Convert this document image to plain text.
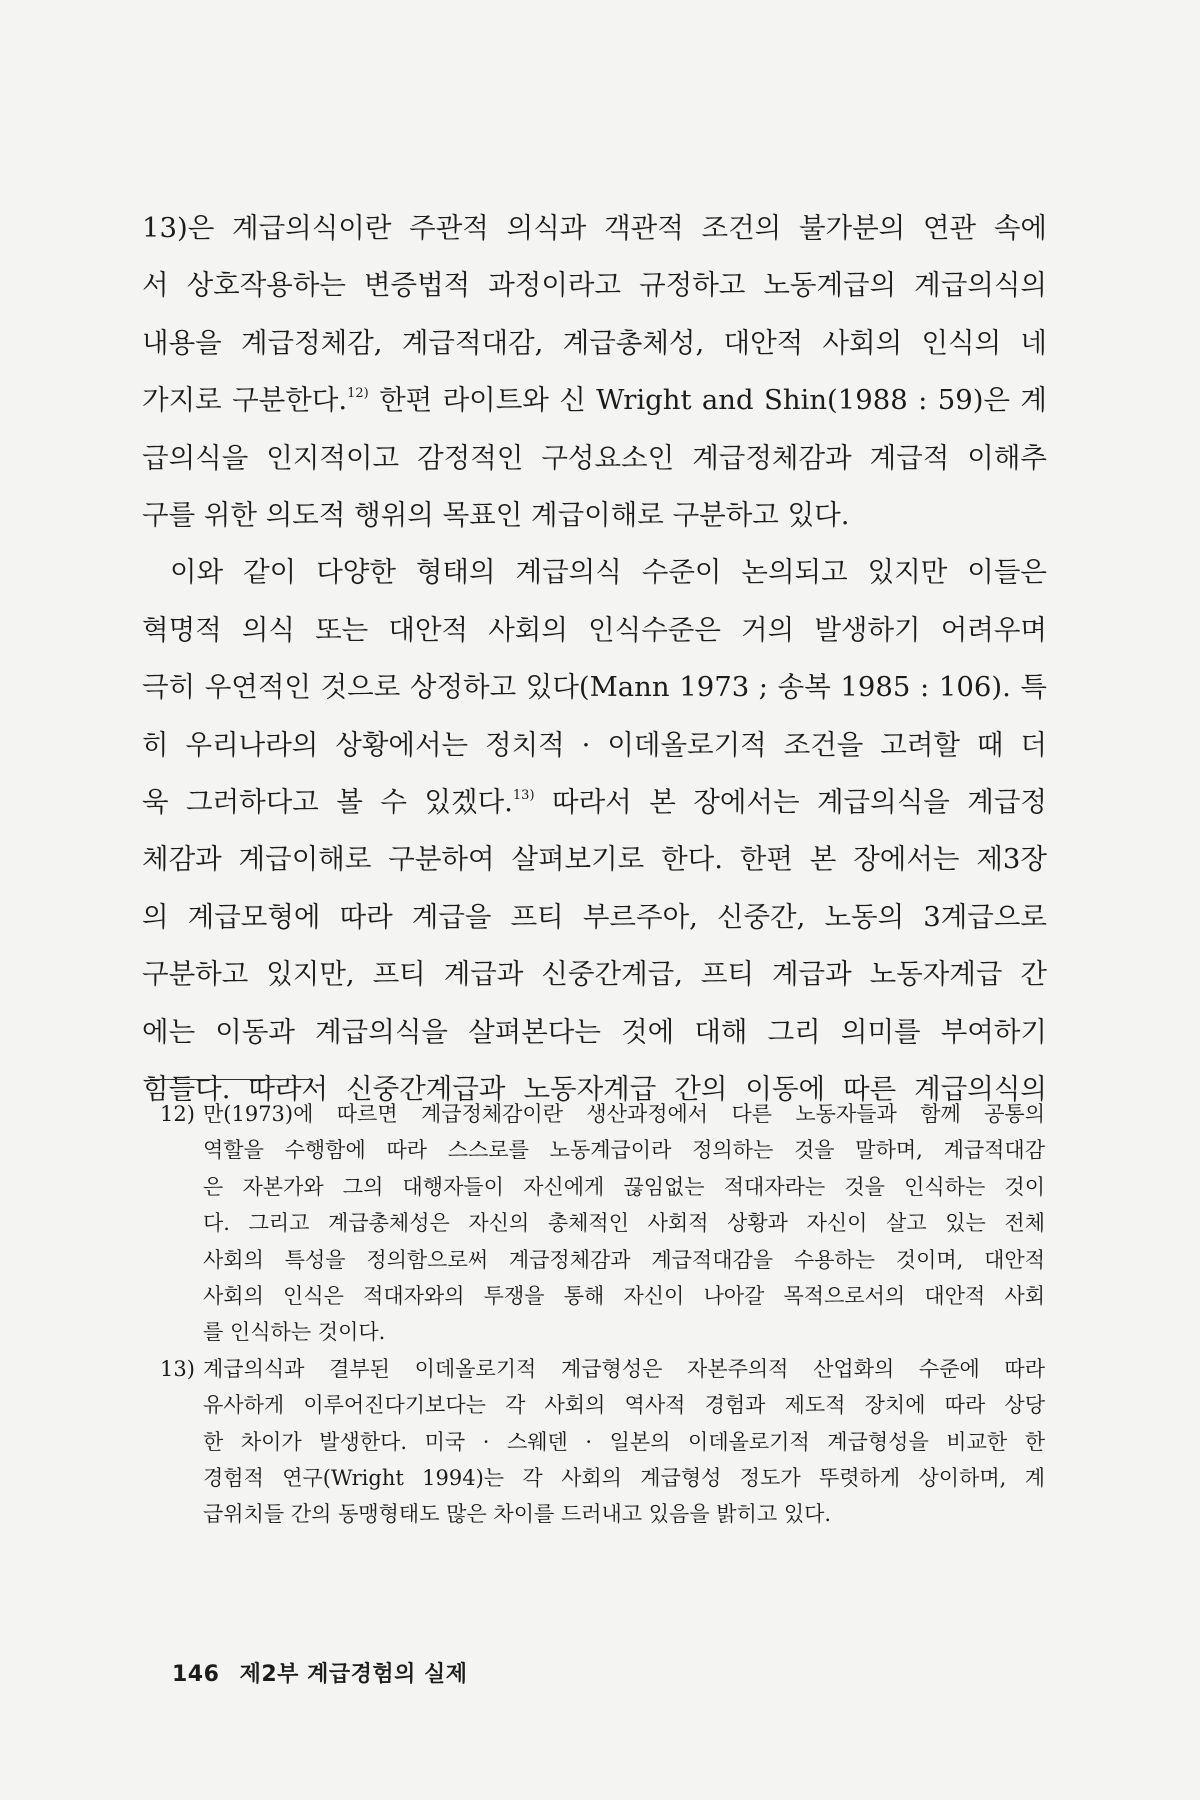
13)은 계급의식이란 주관적 의식과 객관적 조건의 불가분의 연관 속에
서 상호작용하는 변증법적 과정이라고 규정하고 노동계급의 계급의식의
내용을 계급정체감, 계급적대감, 계급총체성, 대안적 사회의 인식의 네
가지로 구분한다.$^{12)}$ 한편 라이트와 신 Wright and Shin(1988 : 59)은 계
급의식을 인지적이고 감정적인 구성요소인 계급정체감과 계급적 이해추
구를 위한 의도적 행위의 목표인 계급이해로 구분하고 있다.

이와 같이 다양한 형태의 계급의식 수준이 논의되고 있지만 이들은
혁명적 의식 또는 대안적 사회의 인식수준은 거의 발생하기 어려우며
극히 우연적인 것으로 상정하고 있다(Mann 1973 ; 송복 1985 : 106). 특
히 우리나라의 상황에서는 정치적 · 이데올로기적 조건을 고려할 때 더
욱 그러하다고 볼 수 있겠다.$^{13)}$ 따라서 본 장에서는 계급의식을 계급정
체감과 계급이해로 구분하여 살펴보기로 한다. 한편 본 장에서는 제3장
의 계급모형에 따라 계급을 프티 부르주아, 신중간, 노동의 3계급으로
구분하고 있지만, 프티 계급과 신중간계급, 프티 계급과 노동자계급 간
에는 이동과 계급의식을 살펴본다는 것에 대해 그리 의미를 부여하기
힘들다. 따라서 신중간계급과 노동자계급 간의 이동에 따른 계급의식의

12) 만(1973)에 따르면 계급정체감이란 생산과정에서 다른 노동자들과 함께 공통의
역할을 수행함에 따라 스스로를 노동계급이라 정의하는 것을 말하며, 계급적대감
은 자본가와 그의 대행자들이 자신에게 끊임없는 적대자라는 것을 인식하는 것이
다. 그리고 계급총체성은 자신의 총체적인 사회적 상황과 자신이 살고 있는 전체
사회의 특성을 정의함으로써 계급정체감과 계급적대감을 수용하는 것이며, 대안적
사회의 인식은 적대자와의 투쟁을 통해 자신이 나아갈 목적으로서의 대안적 사회
를 인식하는 것이다.
13) 계급의식과 결부된 이데올로기적 계급형성은 자본주의적 산업화의 수준에 따라
유사하게 이루어진다기보다는 각 사회의 역사적 경험과 제도적 장치에 따라 상당
한 차이가 발생한다. 미국 · 스웨덴 · 일본의 이데올로기적 계급형성을 비교한 한
경험적 연구(Wright 1994)는 각 사회의 계급형성 정도가 뚜렷하게 상이하며, 계
급위치들 간의 동맹형태도 많은 차이를 드러내고 있음을 밝히고 있다.
146 제2부 계급경험의 실제
